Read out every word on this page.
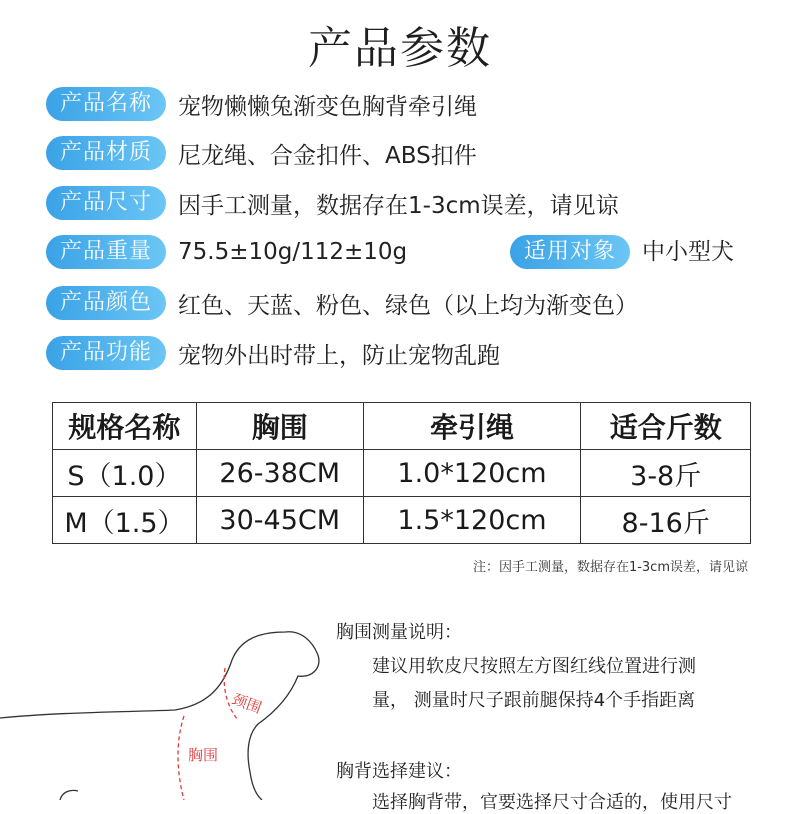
产品参数
产品名称	宠物懒懒兔渐变色胸背牵引绳
产品材质	尼龙绳、合金扣件、ABS扣件
产品尺寸	因手工测量，数据存在1-3cm误差，请见谅
产品重量	75.5±10g/112±10g	适用对象	中小型犬
产品颜色	红色、天蓝、粉色、绿色（以上均为渐变色）
产品功能	宠物外出时带上，防止宠物乱跑
规格名称	胸围	牵引绳	适合斤数
S（1.0）	26-38CM	1.0*120cm	3-8斤
M（1.5）	30-45CM	1.5*120cm	8-16斤
注：因手工测量，数据存在1-3cm误差，请见谅
颈围
胸围
胸围测量说明：
建议用软皮尺按照左方图红线位置进行测
量， 测量时尺子跟前腿保持4个手指距离
胸背选择建议：
选择胸背带，官要选择尺寸合适的，使用尺寸
